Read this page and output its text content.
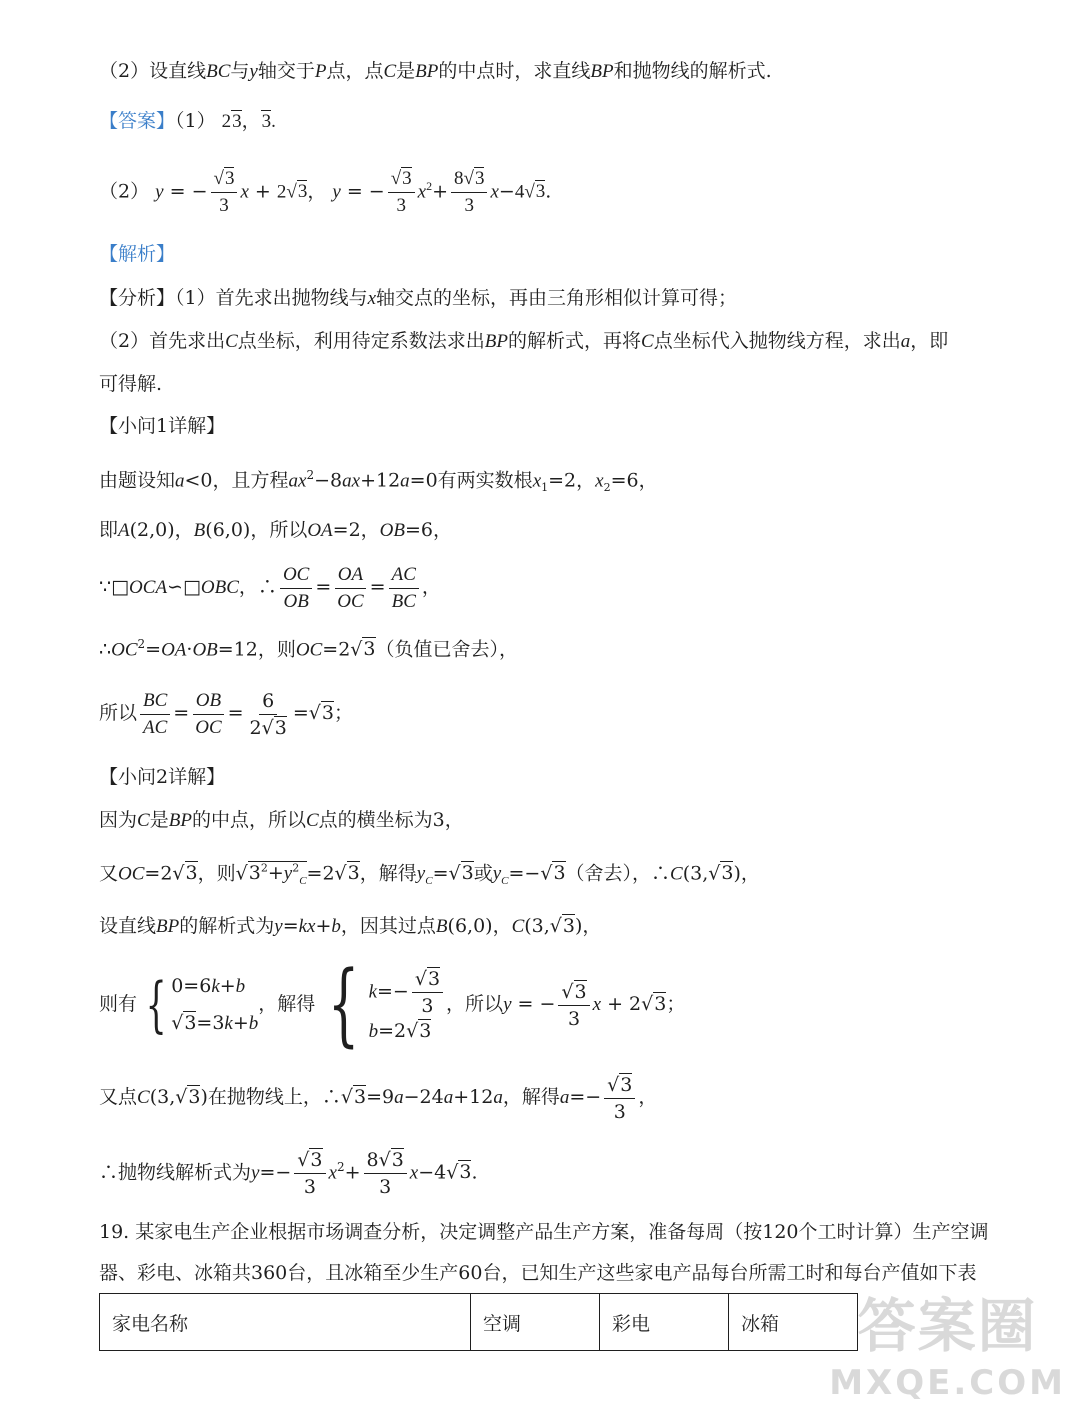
（2）设直线BC与y轴交于P点，点C是BP的中点时，求直线BP和抛物线的解析式.
【答案】（1） 23，3.
（2） y = − $\frac{√3}{3}$ x + 2√3， y = − $\frac{√3}{3} x^2+ \frac{8√3}{3} x-4√3$.
【解析】
【分析】（1）首先求出抛物线与x轴交点的坐标，再由三角形相似计算可得；
（2）首先求出C点坐标，利用待定系数法求出BP的解析式，再将C点坐标代入抛物线方程，求出a，即
可得解.
【小问1详解】
由题设知a<0，且方程$ax^2-8ax+12a=0$有两实数根$x_1=2$，$x_2=6$，
即A(2,0)，B(6,0)，所以OA=2，OB=6，
∵□OCA∽□OBC，∴ $\frac{OC}{OB} = \frac{OA}{OC} = \frac{AC}{BC}$ ，
$\therefore OC^2=OA\cdot OB=12$，则OC=2√3（负值已舍去），
所以 $\frac{BC}{AC} = \frac{OB}{OC} = \frac{6}{2√3} =√3$；
【小问2详解】
因为C是BP的中点，所以C点的横坐标为3，
又OC=2√3，则$√3^2+y^2_C=2√3$，解得$y_C=√3$或$y_C=-√3$（舍去），∴C(3,√3)，
设直线BP的解析式为y=kx+b，因其过点B(6,0)，C(3,√3)，
则有 { 0=6k+b
√3=3k+b
，解得 { $k=- \frac{√3}{3}$
b=2√3
，所以y = − $\frac{√3}{3}$ x + 2√3；
又点C(3,√3)在抛物线上，∴√3=9a−24a+12a，解得$a=- \frac{√3}{3}$ ，
∴抛物线解析式为$y=- \frac{√3}{3} x^2+ \frac{8√3}{3} x-4√3$.
19. 某家电生产企业根据市场调查分析，决定调整产品生产方案，准备每周（按120个工时计算）生产空调
器、彩电、冰箱共360台，且冰箱至少生产60台，已知生产这些家电产品每台所需工时和每台产值如下表
家电名称	空调	彩电	冰箱	答案圈
MXQE.COM
